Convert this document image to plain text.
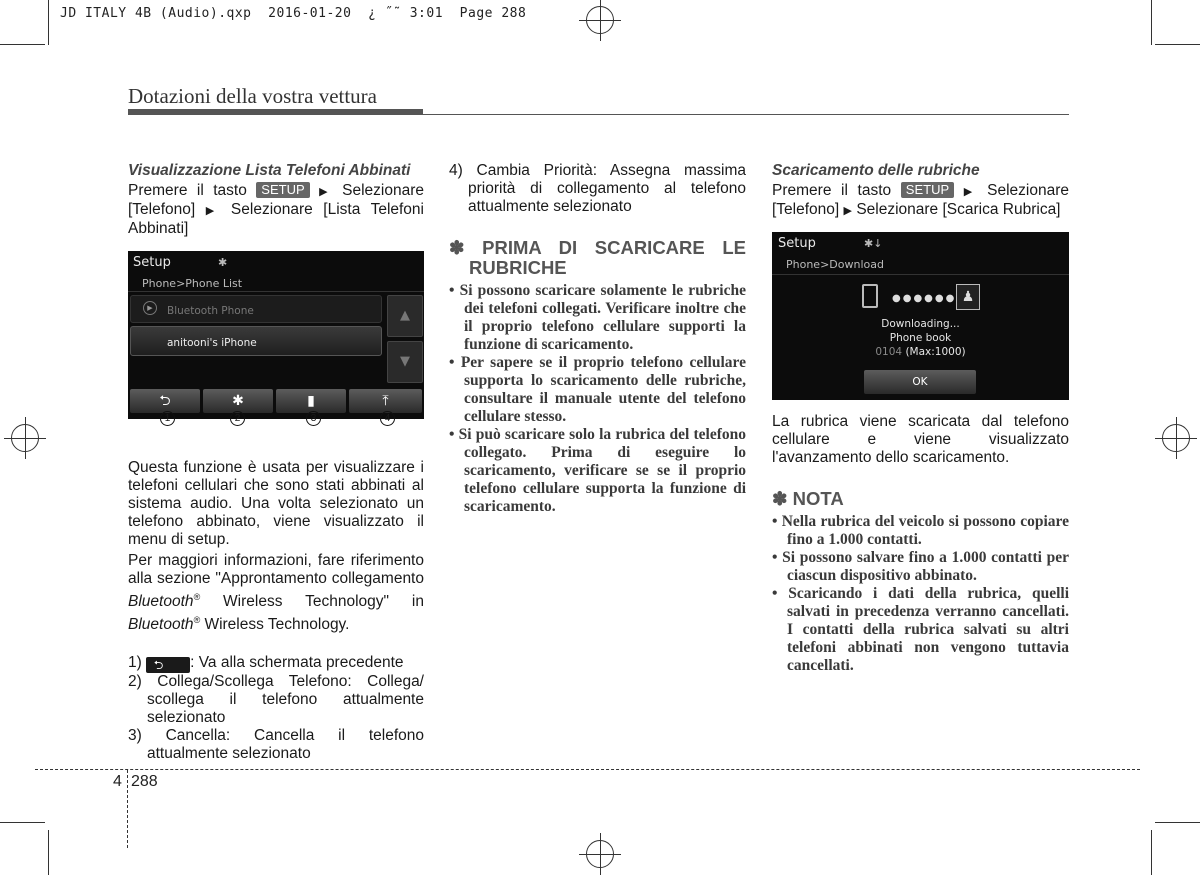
JD ITALY 4B (Audio).qxp  2016-01-20  ¿ ˝˜ 3:01  Page 288
Dotazioni della vostra vettura

Visualizzazione Lista Telefoni Abbinati

Premere il tasto SETUP ▶ Selezionare [Telefono] ▶ Selezionare [Lista Telefoni Abbinati]

Setup	✱
Phone>Phone List
▶	Bluetooth Phone
anitooni's iPhone
▲
▼
⮌	✱	▮	⤒

Questa funzione è usata per visualizzare i telefoni cellulari che sono stati abbinati al sistema audio. Una volta selezionato un telefono abbinato, viene visualizzato il menu di setup.

Per maggiori informazioni, fare riferimento alla sezione "Approntamento collegamento Bluetooth® Wireless Technology" in Bluetooth® Wireless Technology.

1) ⮌ : Va alla schermata precedente
2) Collega/Scollega Telefono: Collega/ scollega il telefono attualmente selezionato
3) Cancella: Cancella il telefono attualmente selezionato
1	2	3	4
4) Cambia Priorità: Assegna massima priorità di collegamento al telefono attualmente selezionato
✽ PRIMA DI SCARICARE LE RUBRICHE
• Si possono scaricare solamente le rubriche dei telefoni collegati. Verificare inoltre che il proprio telefono cellulare supporti la funzione di scaricamento.
• Per sapere se il proprio telefono cellulare supporta lo scaricamento delle rubriche, consultare il manuale utente del telefono cellulare stesso.
• Si può scaricare solo la rubrica del telefono collegato. Prima di eseguire lo scaricamento, verificare se se il proprio telefono cellulare supporta la funzione di scaricamento.

Scaricamento delle rubriche

Premere il tasto SETUP ▶ Selezionare [Telefono] ▶ Selezionare [Scarica Rubrica]

Setup	✱↓
Phone>Download
●●●●●● ♟
Downloading...
Phone book
0104 (Max:1000)
OK

La rubrica viene scaricata dal telefono cellulare e viene visualizzato l'avanzamento dello scaricamento.

✽ NOTA
• Nella rubrica del veicolo si possono copiare fino a 1.000 contatti.
• Si possono salvare fino a 1.000 contatti per ciascun dispositivo abbinato.
• Scaricando i dati della rubrica, quelli salvati in precedenza verranno cancellati. I contatti della rubrica salvati su altri telefoni abbinati non vengono tuttavia cancellati.
4 288
